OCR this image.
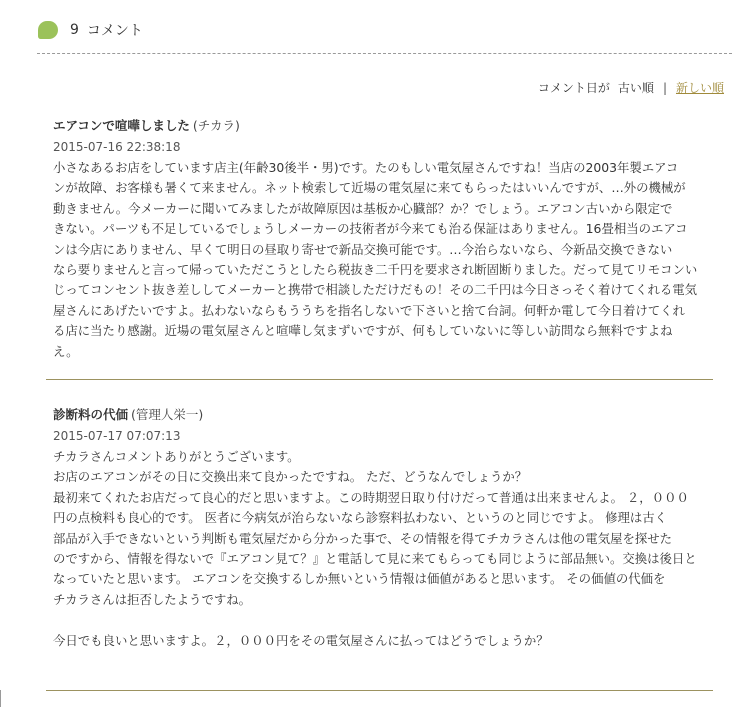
9 コメント
コメント日が 古い順 | 新しい順
エアコンで喧嘩しました (チカラ)
2015-07-16 22:38:18

小さなあるお店をしています店主(年齢30後半・男)です。たのもしい電気屋さんですね！当店の2003年製エアコ

ンが故障、お客様も暑くて来ません。ネット検索して近場の電気屋に来てもらったはいいんですが、…外の機械が

動きません。今メーカーに聞いてみましたが故障原因は基板か心臓部？か？でしょう。エアコン古いから限定で

きない。パーツも不足しているでしょうしメーカーの技術者が今来ても治る保証はありません。16畳相当のエアコ

ンは今店にありません、早くて明日の昼取り寄せで新品交換可能です。…今治らないなら、今新品交換できない

なら要りませんと言って帰っていただこうとしたら税抜き二千円を要求され断固断りました。だって見てリモコンい

じってコンセント抜き差ししてメーカーと携帯で相談しただけだもの！その二千円は今日さっそく着けてくれる電気

屋さんにあげたいですよ。払わないならもううちを指名しないで下さいと捨て台詞。何軒か電して今日着けてくれ

る店に当たり感謝。近場の電気屋さんと喧嘩し気まずいですが、何もしていないに等しい訪問なら無料ですよね

え。

診断料の代価 (管理人栄一)
2015-07-17 07:07:13

チカラさんコメントありがとうございます。

お店のエアコンがその日に交換出来て良かったですね。 ただ、どうなんでしょうか？

最初来てくれたお店だって良心的だと思いますよ。この時期翌日取り付けだって普通は出来ませんよ。 ２，０００

円の点検料も良心的です。 医者に今病気が治らないなら診察料払わない、というのと同じですよ。 修理は古く

部品が入手できないという判断も電気屋だから分かった事で、その情報を得てチカラさんは他の電気屋を探せた

のですから、情報を得ないで『エアコン見て？』と電話して見に来てもらっても同じように部品無い。交換は後日と

なっていたと思います。 エアコンを交換するしか無いという情報は価値があると思います。 その価値の代価を

チカラさんは拒否したようですね。

今日でも良いと思いますよ。２，０００円をその電気屋さんに払ってはどうでしょうか？
